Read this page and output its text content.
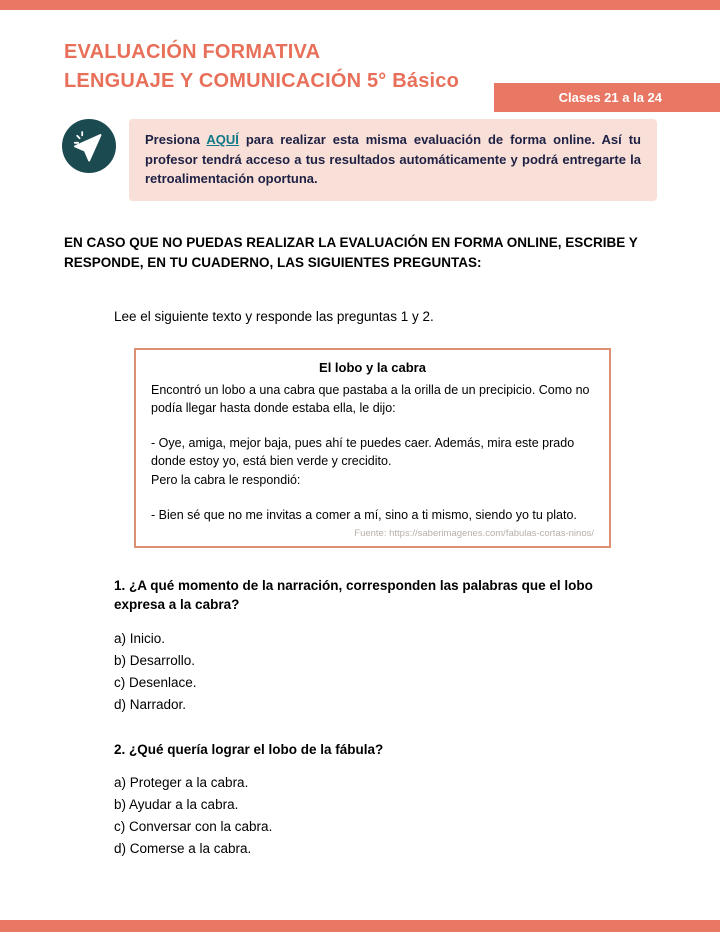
EVALUACIÓN FORMATIVA
LENGUAJE Y COMUNICACIÓN 5° Básico
Clases 21 a la 24

Presiona AQUÍ para realizar esta misma evaluación de forma online. Así tu profesor tendrá acceso a tus resultados automáticamente y podrá entregarte la retroalimentación oportuna.

EN CASO QUE NO PUEDAS REALIZAR LA EVALUACIÓN EN FORMA ONLINE, ESCRIBE Y RESPONDE, EN TU CUADERNO, LAS SIGUIENTES PREGUNTAS:

Lee el siguiente texto y responde las preguntas 1 y 2.

El lobo y la cabra

Encontró un lobo a una cabra que pastaba a la orilla de un precipicio. Como no podía llegar hasta donde estaba ella, le dijo:

- Oye, amiga, mejor baja, pues ahí te puedes caer. Además, mira este prado donde estoy yo, está bien verde y crecidito.

Pero la cabra le respondió:

- Bien sé que no me invitas a comer a mí, sino a ti mismo, siendo yo tu plato.

Fuente: https://saberimagenes.com/fabulas-cortas-ninos/

1. ¿A qué momento de la narración, corresponden las palabras que el lobo expresa a la cabra?

a) Inicio.
b) Desarrollo.
c) Desenlace.
d) Narrador.

2. ¿Qué quería lograr el lobo de la fábula?

a) Proteger a la cabra.
b) Ayudar a la cabra.
c) Conversar con la cabra.
d) Comerse a la cabra.
